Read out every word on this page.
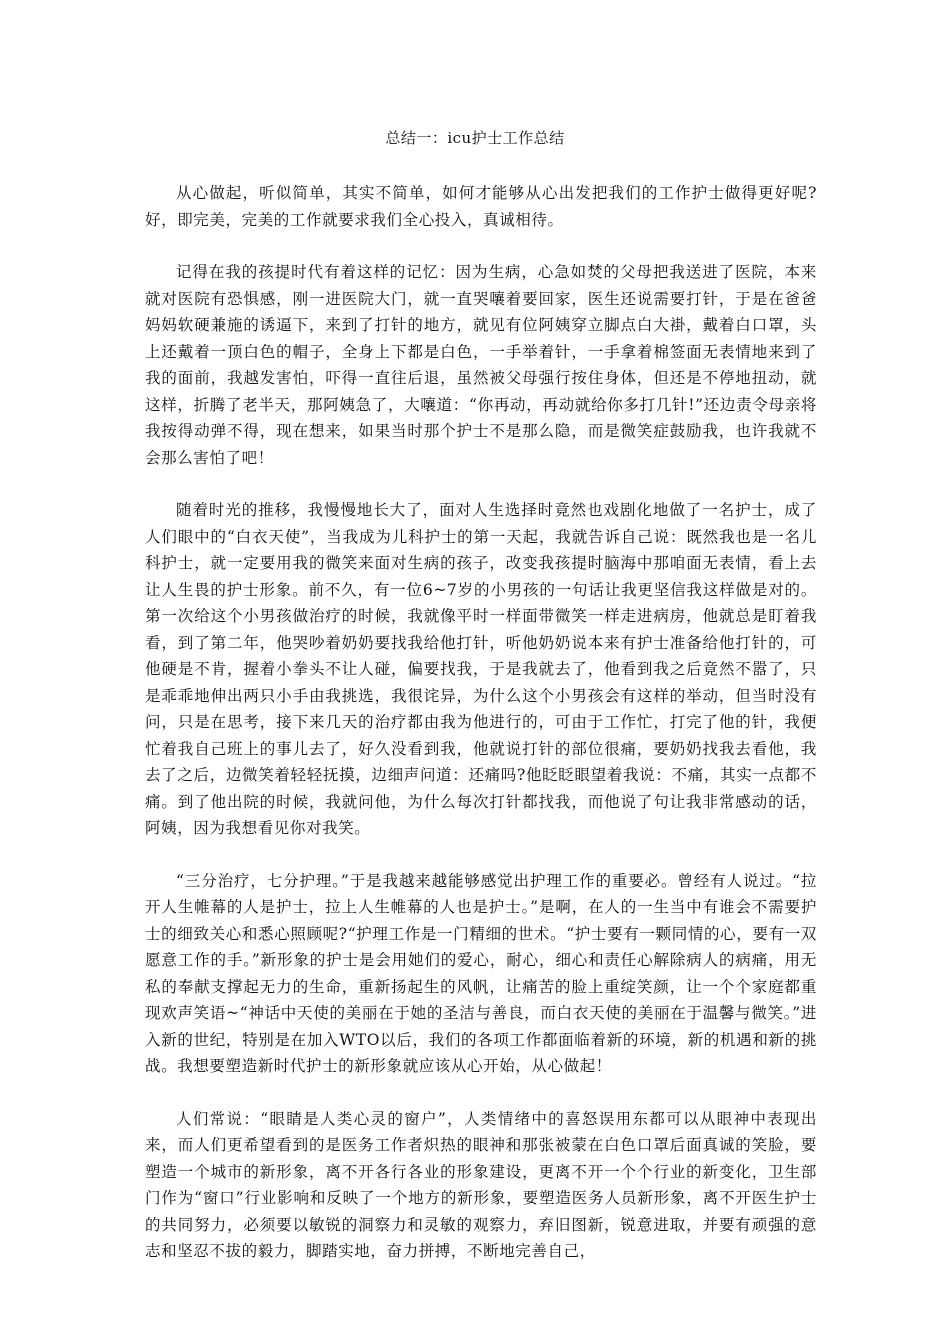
总结一：icu护士工作总结

从心做起，听似简单，其实不简单，如何才能够从心出发把我们的工作护士做得更好呢?好，即完美，完美的工作就要求我们全心投入，真诚相待。

记得在我的孩提时代有着这样的记忆：因为生病，心急如焚的父母把我送进了医院，本来就对医院有恐惧感，刚一进医院大门，就一直哭嚷着要回家，医生还说需要打针，于是在爸爸妈妈软硬兼施的诱逼下，来到了打针的地方，就见有位阿姨穿立脚点白大褂，戴着白口罩，头上还戴着一顶白色的帽子，全身上下都是白色，一手举着针，一手拿着棉签面无表情地来到了我的面前，我越发害怕，吓得一直往后退，虽然被父母强行按住身体，但还是不停地扭动，就这样，折腾了老半天，那阿姨急了，大嚷道：“你再动，再动就给你多打几针!”还边责令母亲将我按得动弹不得，现在想来，如果当时那个护士不是那么隐，而是微笑症鼓励我，也许我就不会那么害怕了吧！

随着时光的推移，我慢慢地长大了，面对人生选择时竟然也戏剧化地做了一名护士，成了人们眼中的“白衣天使”，当我成为儿科护士的第一天起，我就告诉自己说：既然我也是一名儿科护士，就一定要用我的微笑来面对生病的孩子，改变我孩提时脑海中那咱面无表情，看上去让人生畏的护士形象。前不久，有一位6~7岁的小男孩的一句话让我更坚信我这样做是对的。第一次给这个小男孩做治疗的时候，我就像平时一样面带微笑一样走进病房，他就总是盯着我看，到了第二年，他哭吵着奶奶要找我给他打针，听他奶奶说本来有护士准备给他打针的，可他硬是不肯，握着小拳头不让人碰，偏要找我，于是我就去了，他看到我之后竟然不嚣了，只是乖乖地伸出两只小手由我挑选，我很诧异，为什么这个小男孩会有这样的举动，但当时没有问，只是在思考，接下来几天的治疗都由我为他进行的，可由于工作忙，打完了他的针，我便忙着我自己班上的事儿去了，好久没看到我，他就说打针的部位很痛，要奶奶找我去看他，我去了之后，边微笑着轻轻抚摸，边细声问道：还痛吗?他眨眨眼望着我说：不痛，其实一点都不痛。到了他出院的时候，我就问他，为什么每次打针都找我，而他说了句让我非常感动的话，阿姨，因为我想看见你对我笑。

“三分治疗，七分护理。”于是我越来越能够感觉出护理工作的重要必。曾经有人说过。“拉开人生帷幕的人是护士，拉上人生帷幕的人也是护士。”是啊，在人的一生当中有谁会不需要护士的细致关心和悉心照顾呢?“护理工作是一门精细的世术。“护士要有一颗同情的心，要有一双愿意工作的手。”新形象的护士是会用她们的爱心，耐心，细心和责任心解除病人的病痛，用无私的奉献支撑起无力的生命，重新扬起生的风帆，让痛苦的脸上重绽笑颜，让一个个家庭都重现欢声笑语~“神话中天使的美丽在于她的圣洁与善良，而白衣天使的美丽在于温馨与微笑。”进入新的世纪，特别是在加入WTO以后，我们的各项工作都面临着新的环境，新的机遇和新的挑战。我想要塑造新时代护士的新形象就应该从心开始，从心做起！

人们常说：“眼睛是人类心灵的窗户”，人类情绪中的喜怒误用东都可以从眼神中表现出来，而人们更希望看到的是医务工作者炽热的眼神和那张被蒙在白色口罩后面真诚的笑脸，要塑造一个城市的新形象，离不开各行各业的形象建设，更离不开一个个行业的新变化，卫生部门作为“窗口”行业影响和反映了一个地方的新形象，要塑造医务人员新形象，离不开医生护士的共同努力，必须要以敏锐的洞察力和灵敏的观察力，弃旧图新，锐意进取，并要有顽强的意志和坚忍不拔的毅力，脚踏实地，奋力拼搏，不断地完善自己，
